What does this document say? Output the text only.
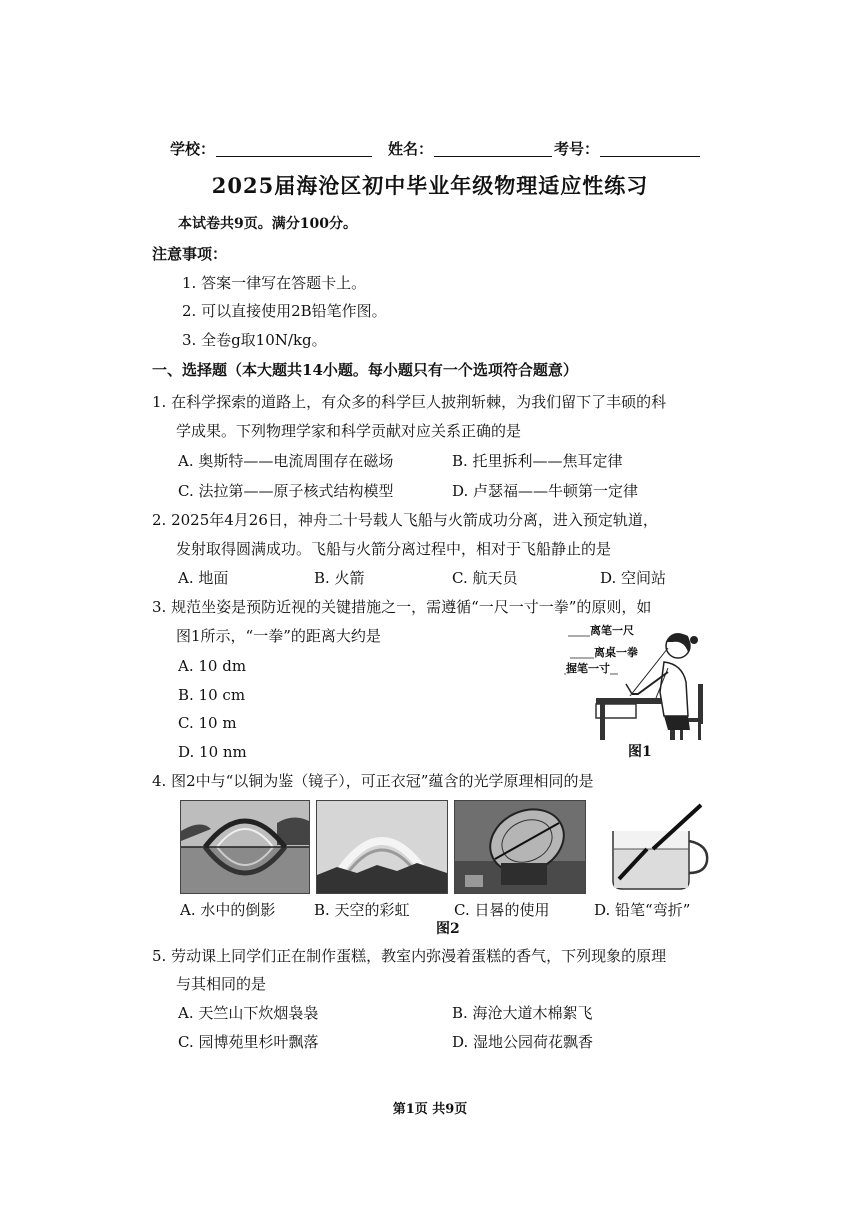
学校：	姓名：	考号：
2025届海沧区初中毕业年级物理适应性练习
本试卷共9页。满分100分。
注意事项：
1. 答案一律写在答题卡上。
2. 可以直接使用2B铅笔作图。
3. 全卷g取10N/kg。
一、选择题（本大题共14小题。每小题只有一个选项符合题意）
1. 在科学探索的道路上，有众多的科学巨人披荆斩棘，为我们留下了丰硕的科
学成果。下列物理学家和科学贡献对应关系正确的是
A. 奥斯特——电流周围存在磁场	B. 托里拆利——焦耳定律
C. 法拉第——原子核式结构模型	D. 卢瑟福——牛顿第一定律
2. 2025年4月26日，神舟二十号载人飞船与火箭成功分离，进入预定轨道，
发射取得圆满成功。飞船与火箭分离过程中，相对于飞船静止的是
A. 地面	B. 火箭	C. 航天员	D. 空间站
3. 规范坐姿是预防近视的关键措施之一，需遵循“一尺一寸一拳”的原则，如
图1所示，“一拳”的距离大约是
A. 10 dm
B. 10 cm
C. 10 m
D. 10 nm
离笔一尺
离桌一拳
握笔一寸
图1
4. 图2中与“以铜为鉴（镜子），可正衣冠”蕴含的光学原理相同的是
A. 水中的倒影	B. 天空的彩虹	C. 日晷的使用	D. 铅笔“弯折”
图2
5. 劳动课上同学们正在制作蛋糕，教室内弥漫着蛋糕的香气，下列现象的原理
与其相同的是
A. 天竺山下炊烟袅袅	B. 海沧大道木棉絮飞
C. 园博苑里杉叶飘落	D. 湿地公园荷花飘香
第1页 共9页
